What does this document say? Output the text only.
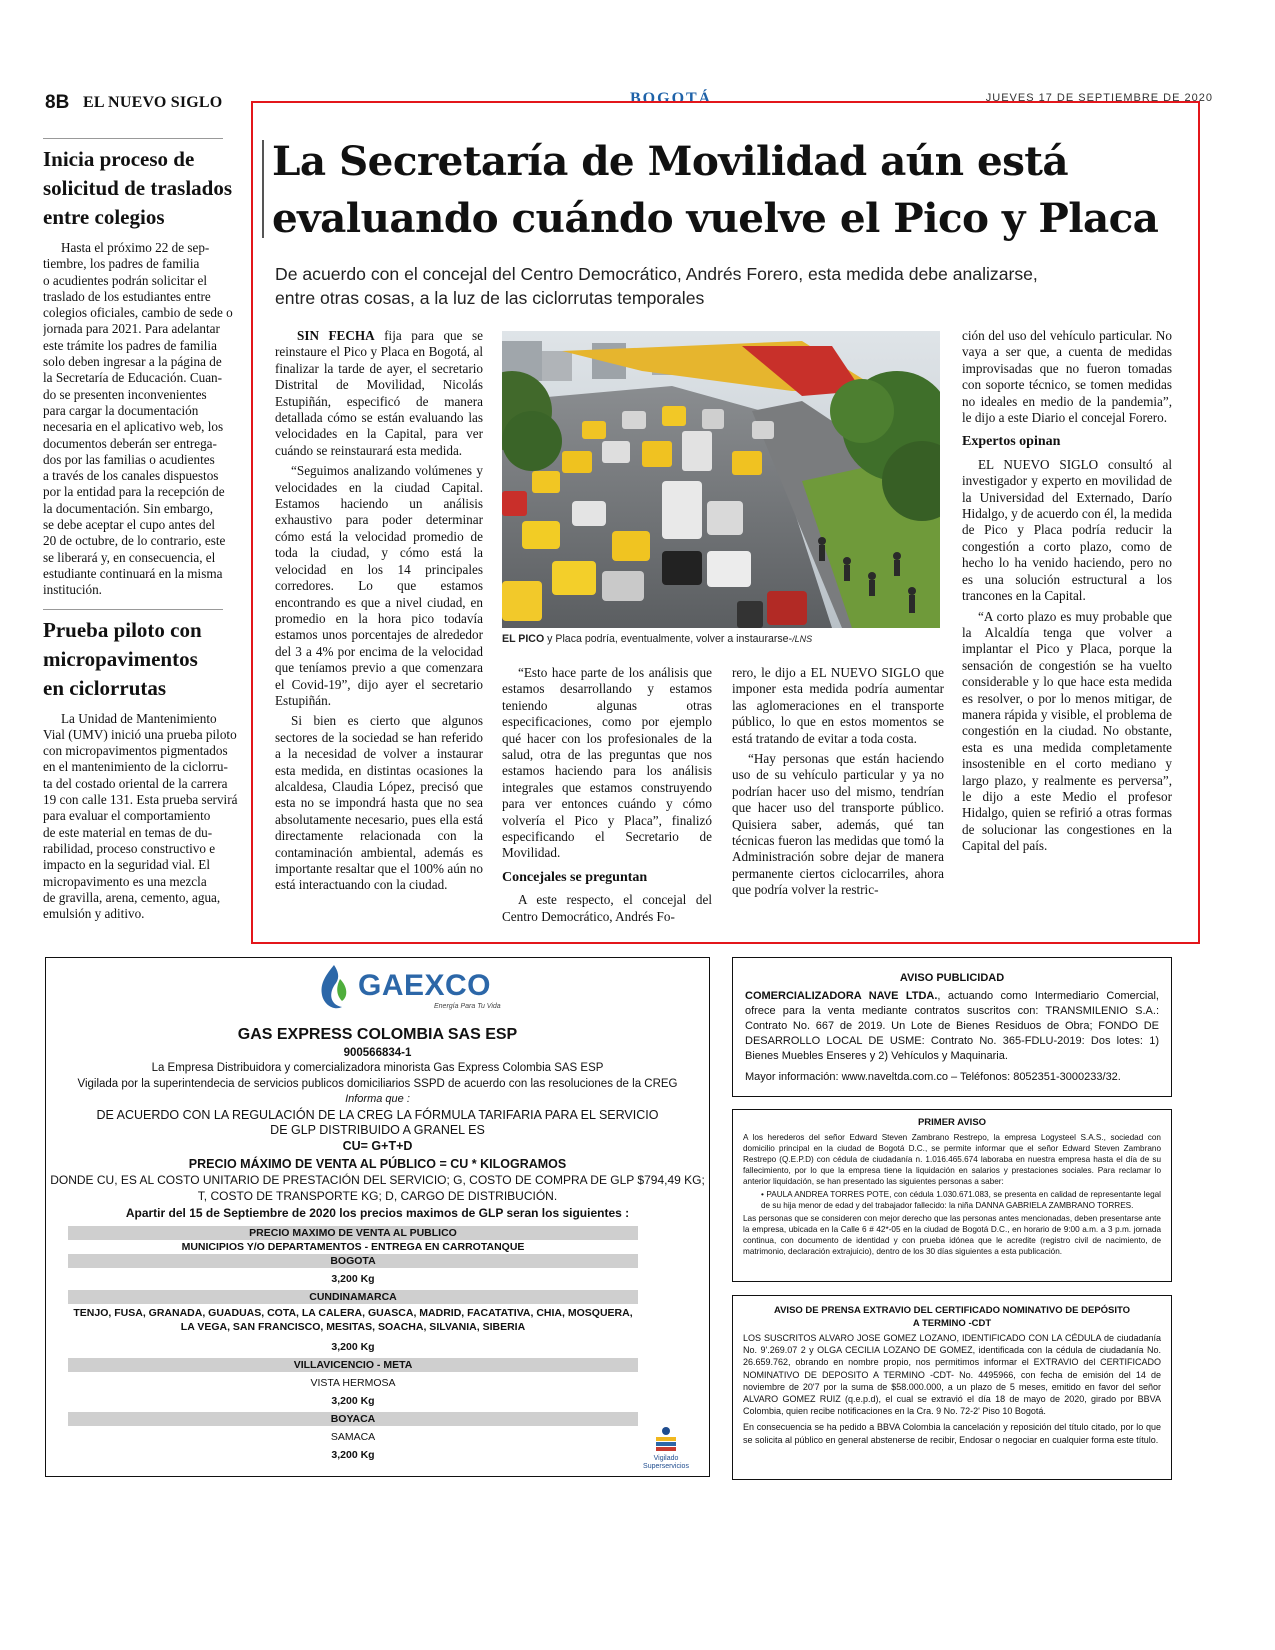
8B EL NUEVO SIGLO	BOGOTÁ	JUEVES 17 DE SEPTIEMBRE DE 2020
Inicia proceso de
solicitud de traslados
entre colegios

Hasta el próximo 22 de sep-

tiembre, los padres de familia

o acudientes podrán solicitar el

traslado de los estudiantes entre

colegios oficiales, cambio de sede o

jornada para 2021. Para adelantar

este trámite los padres de familia

solo deben ingresar a la página de

la Secretaría de Educación. Cuan-

do se presenten inconvenientes

para cargar la documentación

necesaria en el aplicativo web, los

documentos deberán ser entrega-

dos por las familias o acudientes

a través de los canales dispuestos

por la entidad para la recepción de

la documentación. Sin embargo,

se debe aceptar el cupo antes del

20 de octubre, de lo contrario, este

se liberará y, en consecuencia, el

estudiante continuará en la misma

institución.

Prueba piloto con
micropavimentos
en ciclorrutas

La Unidad de Mantenimiento

Vial (UMV) inició una prueba piloto

con micropavimentos pigmentados

en el mantenimiento de la ciclorru-

ta del costado oriental de la carrera

19 con calle 131. Esta prueba servirá

para evaluar el comportamiento

de este material en temas de du-

rabilidad, proceso constructivo e

impacto en la seguridad vial. El

micropavimento es una mezcla

de gravilla, arena, cemento, agua,

emulsión y aditivo.

La Secretaría de Movilidad aún está
evaluando cuándo vuelve el Pico y Placa
De acuerdo con el concejal del Centro Democrático, Andrés Forero, esta medida debe analizarse,
entre otras cosas, a la luz de las ciclorrutas temporales

SIN FECHA fija para que se reinstaure el Pico y Placa en Bogotá, al finalizar la tarde de ayer, el secretario Distrital de Movilidad, Nicolás Estupiñán, especificó de manera detallada cómo se están evaluando las velocidades en la Capital, para ver cuándo se reinstaurará esta medida.

“Seguimos analizando volúmenes y velocidades en la ciudad Capital. Estamos haciendo un análisis exhaustivo para poder determinar cómo está la velocidad promedio de toda la ciudad, y cómo está la velocidad en los 14 principales corredores. Lo que estamos encontrando es que a nivel ciudad, en promedio en la hora pico todavía estamos unos porcentajes de alrededor del 3 a 4% por encima de la velocidad que teníamos previo a que comenzara el Covid-19”, dijo ayer el secretario Estupiñán.

Si bien es cierto que algunos sectores de la sociedad se han referido a la necesidad de volver a instaurar esta medida, en distintas ocasiones la alcaldesa, Claudia López, precisó que esta no se impondrá hasta que no sea absolutamente necesario, pues ella está directamente relacionada con la contaminación ambiental, además es importante resaltar que el 100% aún no está interactuando con la ciudad.

EL PICO y Placa podría, eventualmente, volver a instaurarse-/LNS

“Esto hace parte de los análisis que estamos desarrollando y estamos teniendo algunas otras especificaciones, como por ejemplo qué hacer con los profesionales de la salud, otra de las preguntas que nos estamos haciendo para los análisis integrales que estamos construyendo para ver entonces cuándo y cómo volvería el Pico y Placa”, finalizó especificando el Secretario de Movilidad.

Concejales se preguntan

A este respecto, el concejal del Centro Democrático, Andrés Fo-

rero, le dijo a EL NUEVO SIGLO que imponer esta medida podría aumentar las aglomeraciones en el transporte público, lo que en estos momentos se está tratando de evitar a toda costa.

“Hay personas que están haciendo uso de su vehículo particular y ya no podrían hacer uso del mismo, tendrían que hacer uso del transporte público. Quisiera saber, además, qué tan técnicas fueron las medidas que tomó la Administración sobre dejar de manera permanente ciertos ciclocarriles, ahora que podría volver la restric-

ción del uso del vehículo particular. No vaya a ser que, a cuenta de medidas improvisadas que no fueron tomadas con soporte técnico, se tomen medidas no ideales en medio de la pandemia”, le dijo a este Diario el concejal Forero.

Expertos opinan

EL NUEVO SIGLO consultó al investigador y experto en movilidad de la Universidad del Externado, Darío Hidalgo, y de acuerdo con él, la medida de Pico y Placa podría reducir la congestión a corto plazo, como de hecho lo ha venido haciendo, pero no es una solución estructural a los trancones en la Capital.

“A corto plazo es muy probable que la Alcaldía tenga que volver a implantar el Pico y Placa, porque la sensación de congestión se ha vuelto considerable y lo que hace esta medida es resolver, o por lo menos mitigar, de manera rápida y visible, el problema de congestión en la ciudad. No obstante, esta es una medida completamente insostenible en el corto mediano y largo plazo, y realmente es perversa”, le dijo a este Medio el profesor Hidalgo, quien se refirió a otras formas de solucionar las congestiones en la Capital del país.

GAEXCO
Energía Para Tu Vida
GAS EXPRESS COLOMBIA SAS ESP
900566834-1
La Empresa Distribuidora y comercializadora minorista Gas Express Colombia SAS ESP
Vigilada por la superintendecia de servicios publicos domiciliarios SSPD de acuerdo con las resoluciones de la CREG
Informa que :
DE ACUERDO CON LA REGULACIÓN DE LA CREG LA FÓRMULA TARIFARIA PARA EL SERVICIO
DE GLP DISTRIBUIDO A GRANEL ES
CU= G+T+D
PRECIO MÁXIMO DE VENTA AL PÚBLICO = CU * KILOGRAMOS
DONDE CU, ES AL COSTO UNITARIO DE PRESTACIÓN DEL SERVICIO; G, COSTO DE COMPRA DE GLP $794,49 KG;
T, COSTO DE TRANSPORTE KG; D, CARGO DE DISTRIBUCIÓN.
Apartir del 15 de Septiembre de 2020 los precios maximos de GLP seran los siguientes :
PRECIO MAXIMO DE VENTA AL PUBLICO
MUNICIPIOS Y/O DEPARTAMENTOS - ENTREGA EN CARROTANQUE
BOGOTA
3,200 Kg
CUNDINAMARCA
TENJO, FUSA, GRANADA, GUADUAS, COTA, LA CALERA, GUASCA, MADRID, FACATATIVA, CHIA, MOSQUERA,
LA VEGA, SAN FRANCISCO, MESITAS, SOACHA, SILVANIA, SIBERIA
3,200 Kg
VILLAVICENCIO - META
VISTA HERMOSA
3,200 Kg
BOYACA
SAMACA
3,200 Kg	Vigilado Superservicios
AVISO PUBLICIDAD

COMERCIALIZADORA NAVE LTDA., actuando como Intermediario Comercial, ofrece para la venta mediante contratos suscritos con: TRANSMILENIO S.A.: Contrato No. 667 de 2019. Un Lote de Bienes Residuos de Obra; FONDO DE DESARROLLO LOCAL DE USME: Contrato No. 365-FDLU-2019: Dos lotes: 1) Bienes Muebles Enseres y 2) Vehículos y Maquinaria.

Mayor información: www.naveltda.com.co – Teléfonos: 8052351-3000233/32.

PRIMER AVISO

A los herederos del señor Edward Steven Zambrano Restrepo, la empresa Logysteel S.A.S., sociedad con domicilio principal en la ciudad de Bogotá D.C., se permite informar que el señor Edward Steven Zambrano Restrepo (Q.E.P.D) con cédula de ciudadanía n. 1.016.465.674 laboraba en nuestra empresa hasta el día de su fallecimiento, por lo que la empresa tiene la liquidación en salarios y prestaciones sociales. Para reclamar lo anterior liquidación, se han presentado las siguientes personas a saber:

• PAULA ANDREA TORRES POTE, con cédula 1.030.671.083, se presenta en calidad de representante legal de su hija menor de edad y del trabajador fallecido: la niña DANNA GABRIELA ZAMBRANO TORRES.

Las personas que se consideren con mejor derecho que las personas antes mencionadas, deben presentarse ante la empresa, ubicada en la Calle 6 # 42*-05 en la ciudad de Bogotá D.C., en horario de 9:00 a.m. a 3 p.m. jornada continua, con documento de identidad y con prueba idónea que le acredite (registro civil de nacimiento, de matrimonio, declaración extrajuicio), dentro de los 30 días siguientes a esta publicación.

AVISO DE PRENSA EXTRAVIO DEL CERTIFICADO NOMINATIVO DE DEPÓSITO
A TERMINO -CDT

LOS SUSCRITOS ALVARO JOSE GOMEZ LOZANO, IDENTIFICADO CON LA CÉDULA de ciudadanía No. 9'.269.07 2 y OLGA CECILIA LOZANO DE GOMEZ, identificada con la cédula de ciudadanía No. 26.659.762, obrando en nombre propio, nos permitimos informar el EXTRAVIO del CERTIFICADO NOMINATIVO DE DEPOSITO A TERMINO -CDT- No. 4495966, con fecha de emisión del 14 de noviembre de 20'7 por la suma de $58.000.000, a un plazo de 5 meses, emitido en favor del señor ALVARO GOMEZ RUIZ (q.e.p.d), el cual se extravió el día 18 de mayo de 2020, girado por BBVA Colombia, quien recibe notificaciones en la Cra. 9 No. 72-2' Piso 10 Bogotá.

En consecuencia se ha pedido a BBVA Colombia la cancelación y reposición del título citado, por lo que se solicita al público en general abstenerse de recibir, Endosar o negociar en cualquier forma este título.
